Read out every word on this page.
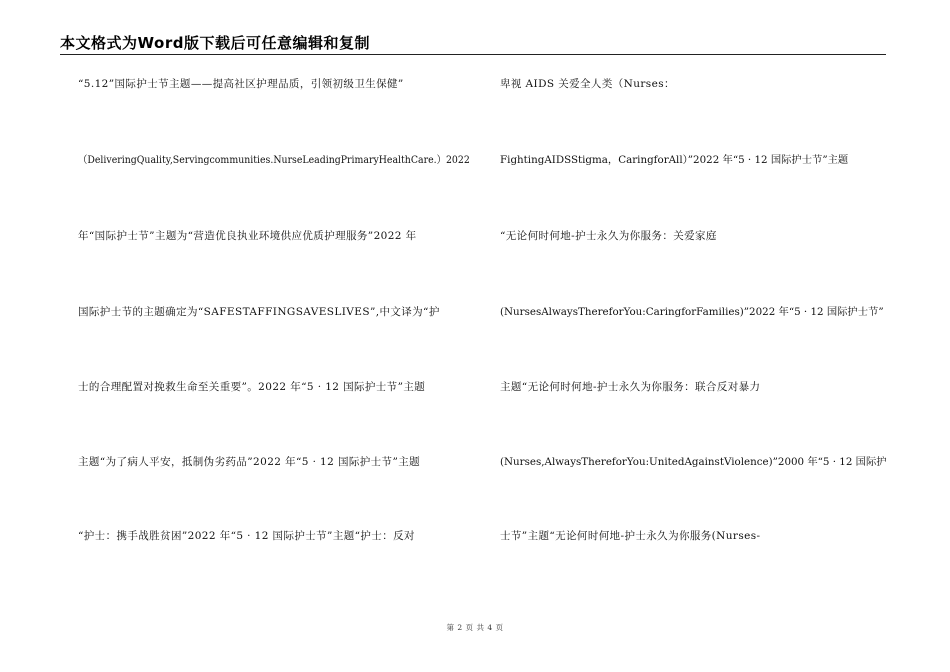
本文格式为Word版下载后可任意编辑和复制
“5.12”国际护士节主题——提高社区护理品质，引领初级卫生保健”
（DeliveringQuality,Servingcommunities.NurseLeadingPrimaryHealthCare.）2022
年“国际护士节”主题为“营造优良执业环境供应优质护理服务”2022 年
国际护士节的主题确定为“SAFESTAFFINGSAVESLIVES”,中文译为“护
士的合理配置对挽救生命至关重要”。2022 年“5 · 12 国际护士节”主题
主题“为了病人平安，抵制伪劣药品”2022 年“5 · 12 国际护士节”主题
“护士：携手战胜贫困”2022 年“5 · 12 国际护士节”主题“护士：反对
卑视 AIDS 关爱全人类（Nurses：
FightingAIDSStigma，CaringforAll）”2022 年“5 · 12 国际护士节”主题
“无论何时何地-护士永久为你服务：关爱家庭
(NursesAlwaysThereforYou:CaringforFamilies)”2022 年“5 · 12 国际护士节”
主题“无论何时何地-护士永久为你服务：联合反对暴力
(Nurses,AlwaysThereforYou:UnitedAgainstViolence)”2000 年“5 · 12 国际护
士节”主题“无论何时何地-护士永久为你服务(Nurses-
第 2 页 共 4 页
